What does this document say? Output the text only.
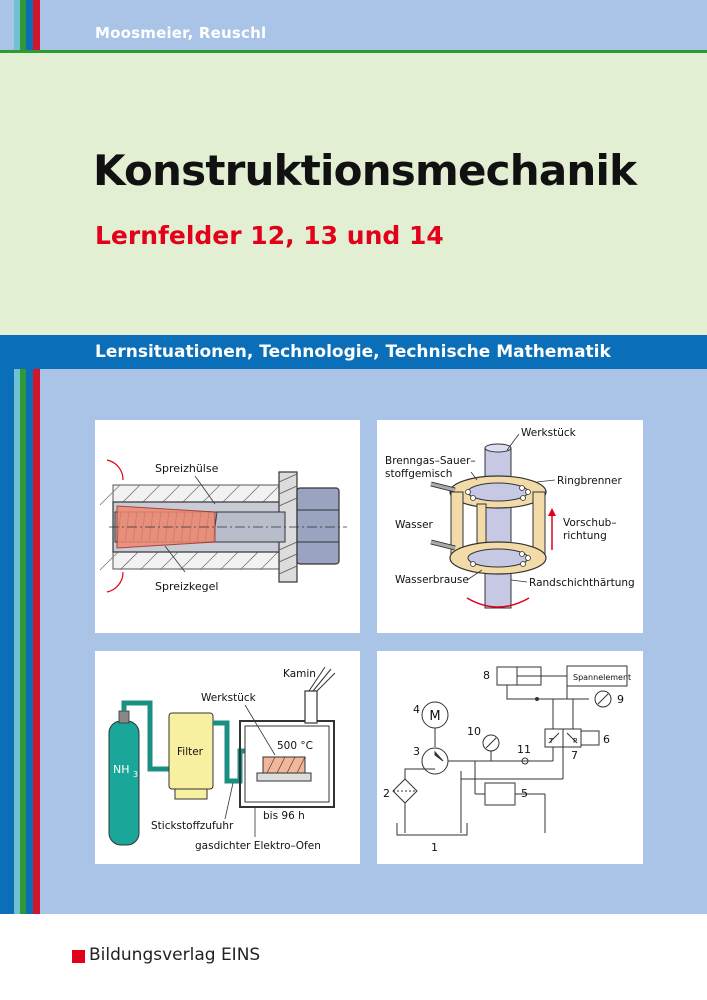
Moosmeier, Reuschl
Konstruktionsmechanik
Lernfelder 12, 13 und 14
Lernsituationen, Technologie, Technische Mathematik
Spreizhülse
Spreizkegel
Werkstück
Brenngas–Sauer–
stoffgemisch
Ringbrenner
Wasser	Vorschub–
richtung
Wasserbrause	Randschichthärtung
NH 3
Filter
Kamin
Werkstück
500 °C
bis 96 h
Stickstoffzufuhr
gasdichter Elektro–Ofen
M
Spannelement
T	P
1
2
3
4
5
6
7
8
9
10
11
Bildungsverlag EINS
